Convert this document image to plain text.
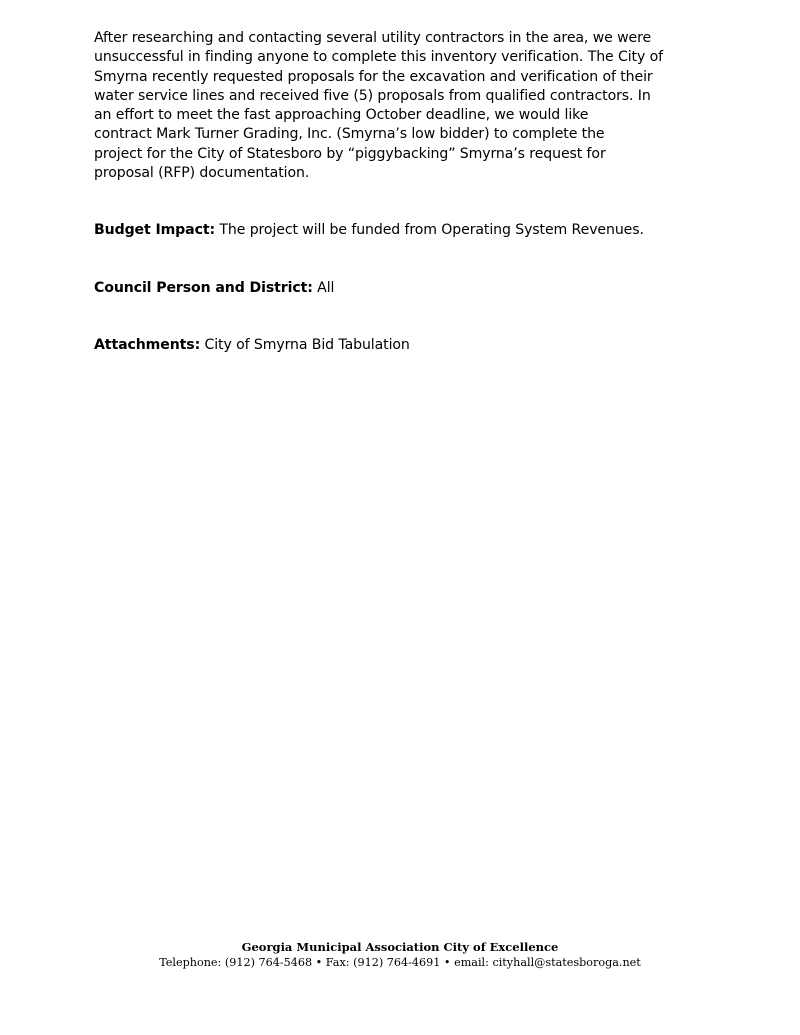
After researching and contacting several utility contractors in the area, we were
unsuccessful in finding anyone to complete this inventory verification. The City of
Smyrna recently requested proposals for the excavation and verification of their
water service lines and received five (5) proposals from qualified contractors. In
an effort to meet the fast approaching October deadline, we would like
contract Mark Turner Grading, Inc. (Smyrna’s low bidder) to complete the
project for the City of Statesboro by “piggybacking” Smyrna’s request for
proposal (RFP) documentation.

Budget Impact: The project will be funded from Operating System Revenues.

Council Person and District: All

Attachments: City of Smyrna Bid Tabulation

Georgia Municipal Association City of Excellence
Telephone: (912) 764-5468 • Fax: (912) 764-4691 • email: cityhall@statesboroga.net
